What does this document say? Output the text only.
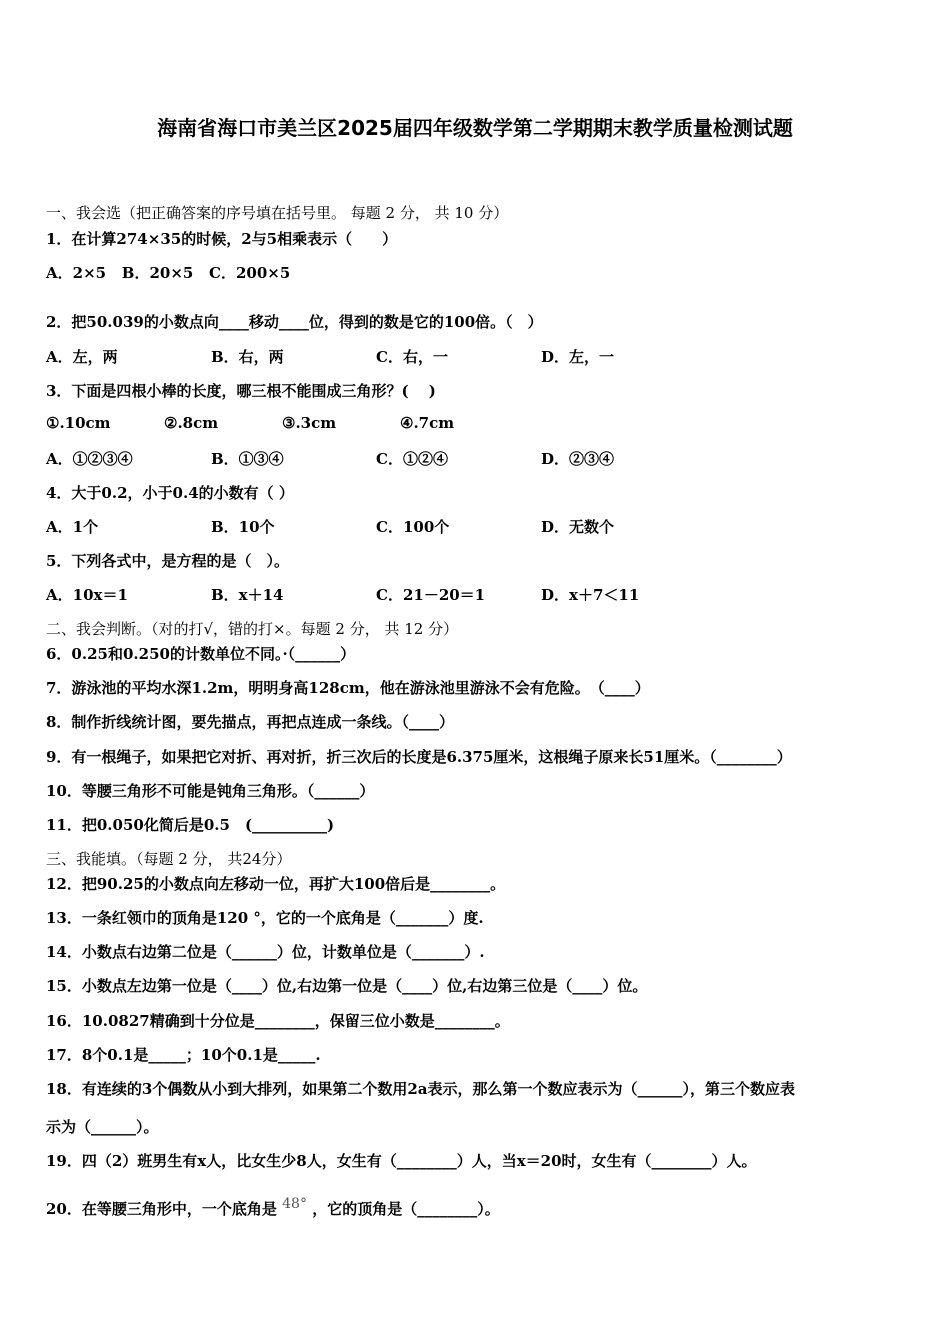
海南省海口市美兰区2025届四年级数学第二学期期末教学质量检测试题
一、我会选（把正确答案的序号填在括号里。 每题 2 分， 共 10 分）
1．在计算274×35的时候，2与5相乘表示（　　）
A．2×5 B．20×5 C．200×5
2．把50.039的小数点向____移动____位，得到的数是它的100倍。（　）
A．左，两	B．右，两	C．右，一	D．左，一
3．下面是四根小棒的长度，哪三根不能围成三角形？(　 )
①.10cm	②.8cm	③.3cm	④.7cm
A．①②③④	B．①③④	C．①②④	D．②③④
4．大于0.2，小于0.4的小数有（ ）
A．1个	B．10个	C．100个	D．无数个
5．下列各式中，是方程的是（　）。
A．10x＝1	B．x＋14	C．21－20＝1	D．x＋7＜11
二、我会判断。（对的打√，错的打×。每题 2 分， 共 12 分）
6．0.25和0.250的计数单位不同。·（______）
7．游泳池的平均水深1.2m，明明身高128cm，他在游泳池里游泳不会有危险。　（____）
8．制作折线统计图，要先描点，再把点连成一条线。（____）
9．有一根绳子，如果把它对折、再对折，折三次后的长度是6.375厘米，这根绳子原来长51厘米。（________）
10．等腰三角形不可能是钝角三角形。（______）
11．把0.050化简后是0.5　(__________)
三、我能填。（每题 2 分， 共24分）
12．把90.25的小数点向左移动一位，再扩大100倍后是________。
13．一条红领巾的顶角是120 °，它的一个底角是（_______）度.
14．小数点右边第二位是（______）位，计数单位是（_______）.
15．小数点左边第一位是（____）位,右边第一位是（____）位,右边第三位是（____）位。
16．10.0827精确到十分位是________，保留三位小数是________。
17．8个0.1是_____；10个0.1是_____.
18．有连续的3个偶数从小到大排列，如果第二个数用2a表示，那么第一个数应表示为（______），第三个数应表
示为（______）。
19．四（2）班男生有x人，比女生少8人，女生有（________）人，当x＝20时，女生有（________）人。
20．在等腰三角形中，一个底角是 48° ，它的顶角是（________）。
